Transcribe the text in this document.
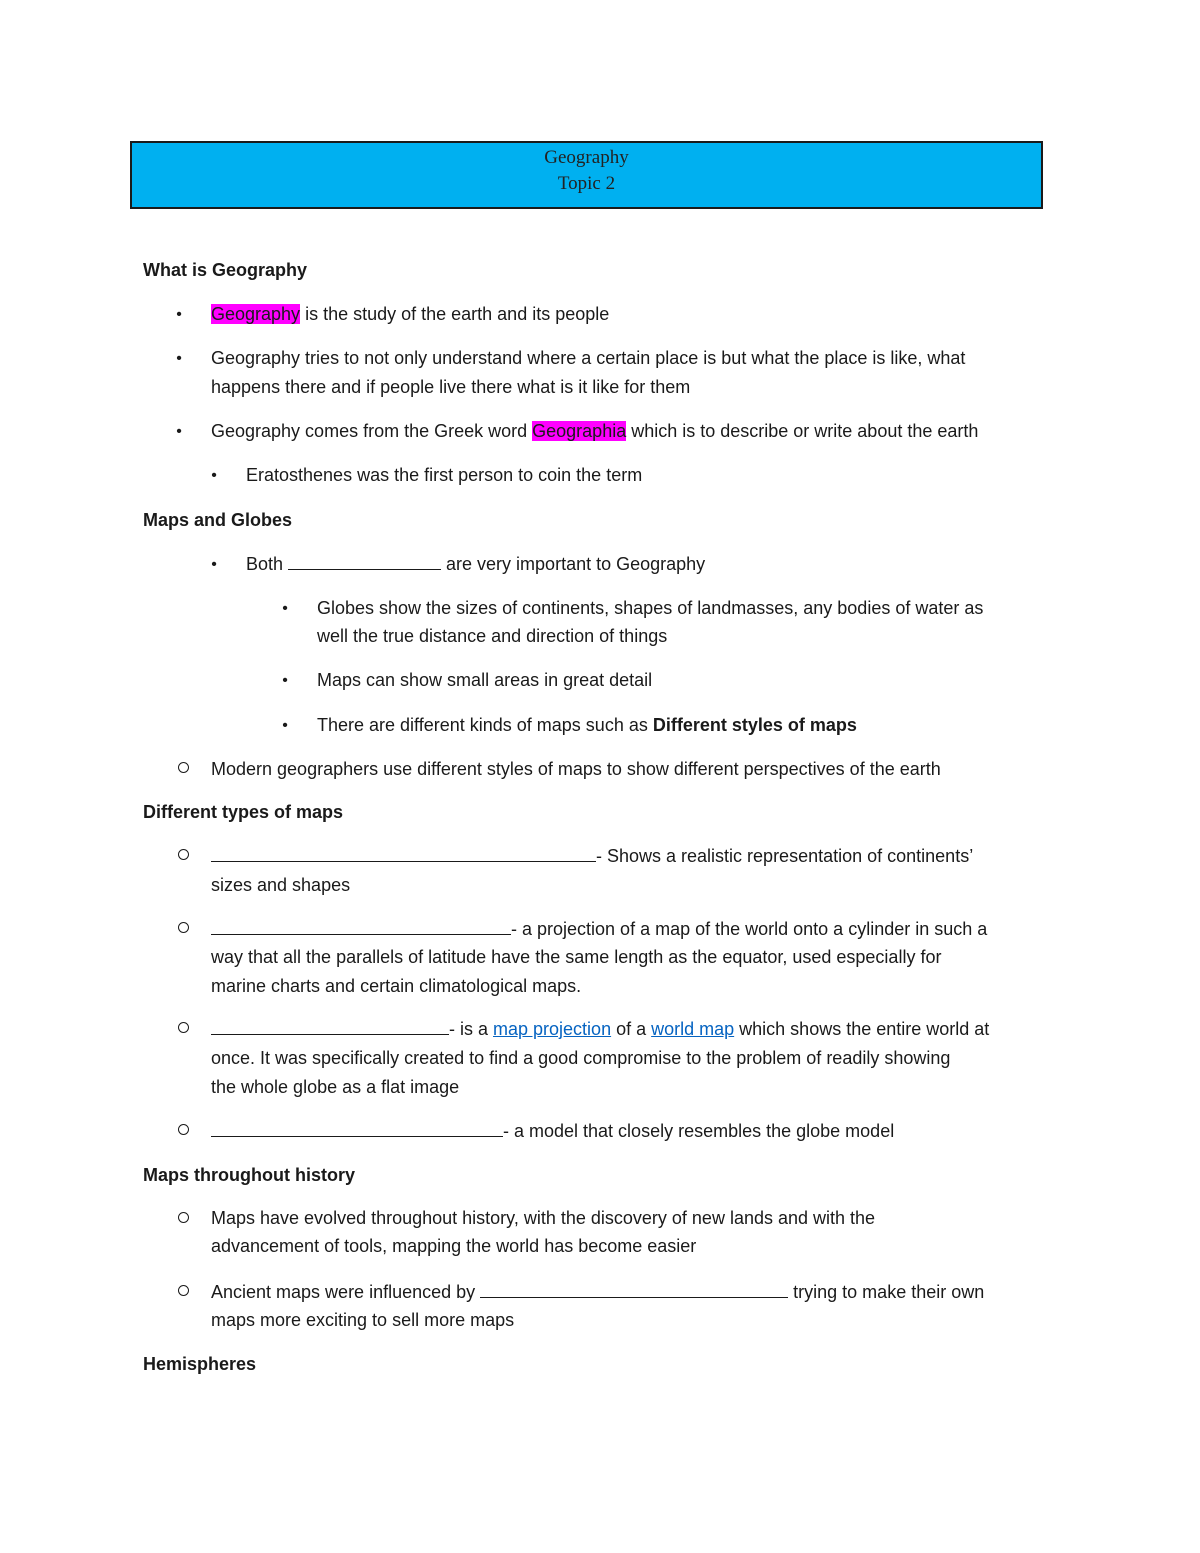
Geography
Topic 2
What is Geography
• Geography is the study of the earth and its people
• Geography tries to not only understand where a certain place is but what the place is like, what
happens there and if people live there what is it like for them
• Geography comes from the Greek word Geographia which is to describe or write about the earth
• Eratosthenes was the first person to coin the term
Maps and Globes
• Both	are very important to Geography
• Globes show the sizes of continents, shapes of landmasses, any bodies of water as
well the true distance and direction of things
• Maps can show small areas in great detail
• There are different kinds of maps such as Different styles of maps
Modern geographers use different styles of maps to show different perspectives of the earth
Different types of maps
- Shows a realistic representation of continents’
sizes and shapes
- a projection of a map of the world onto a cylinder in such a
way that all the parallels of latitude have the same length as the equator, used especially for
marine charts and certain climatological maps.
- is a map projection of a world map which shows the entire world at
once. It was specifically created to find a good compromise to the problem of readily showing
the whole globe as a flat image
- a model that closely resembles the globe model
Maps throughout history
Maps have evolved throughout history, with the discovery of new lands and with the
advancement of tools, mapping the world has become easier
Ancient maps were influenced by	trying to make their own
maps more exciting to sell more maps
Hemispheres
